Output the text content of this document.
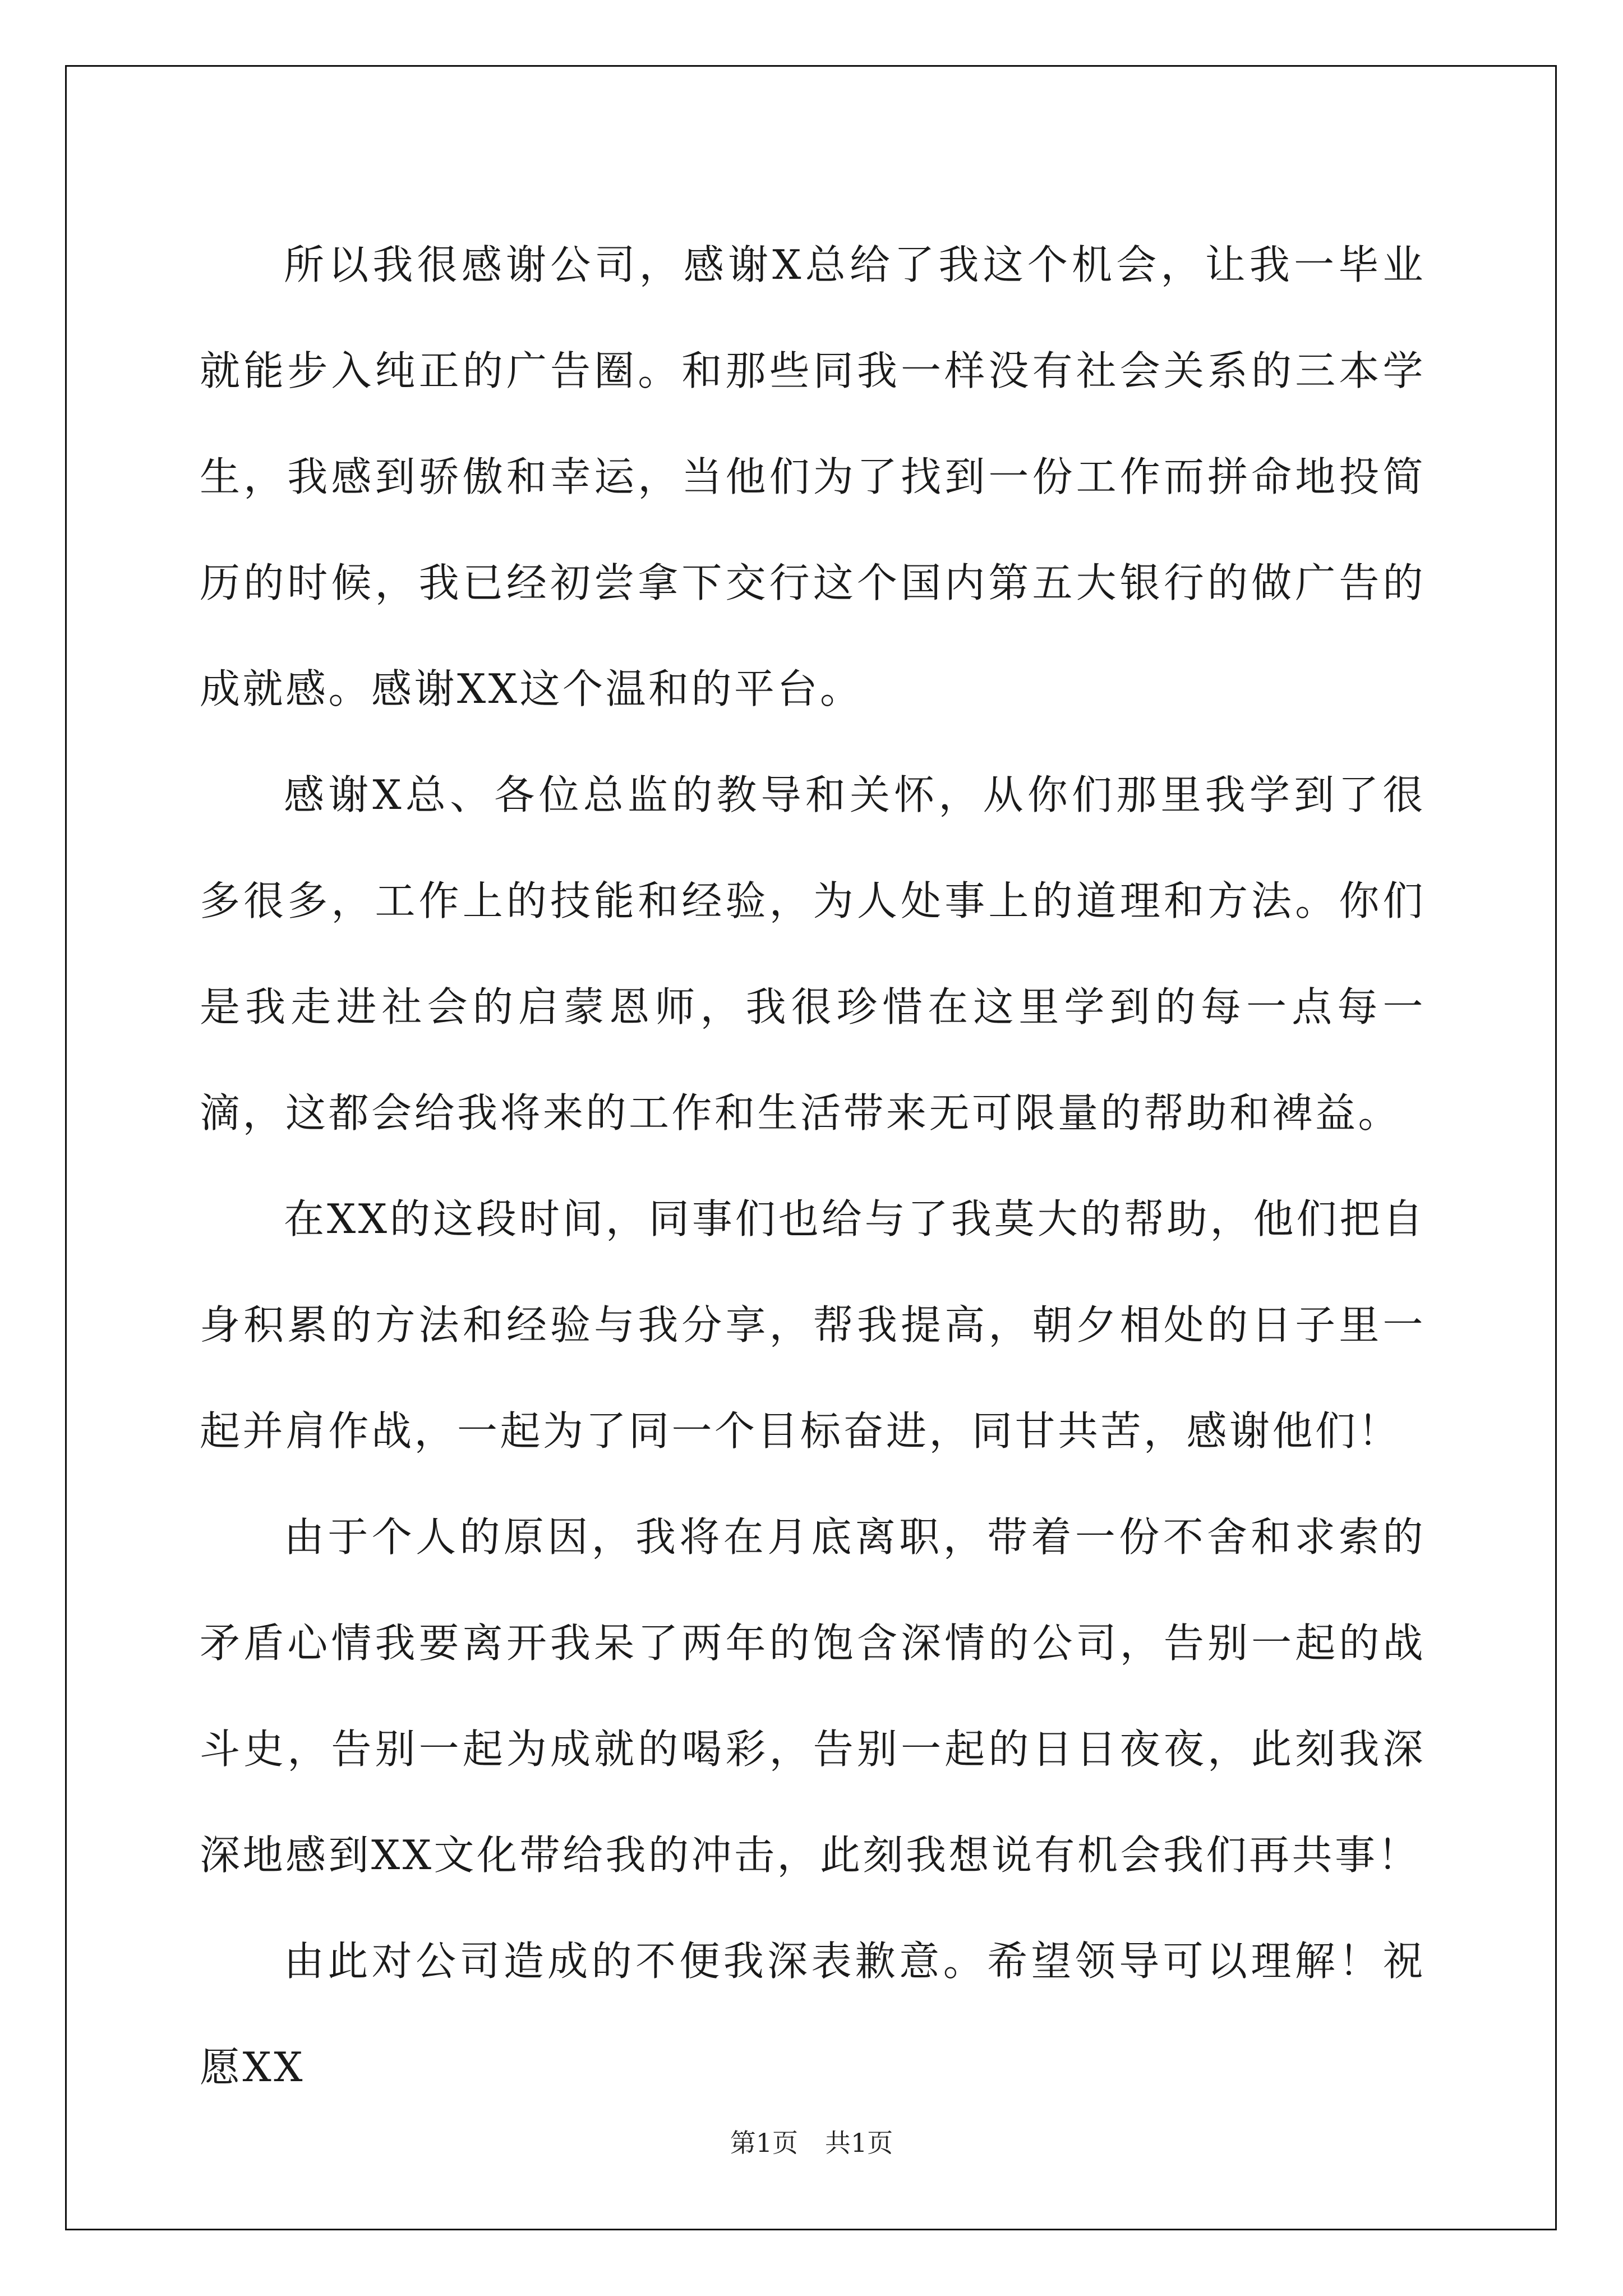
所以我很感谢公司，感谢X总给了我这个机会，让我一毕业就能步入纯正的广告圈。和那些同我一样没有社会关系的三本学生，我感到骄傲和幸运，当他们为了找到一份工作而拼命地投简历的时候，我已经初尝拿下交行这个国内第五大银行的做广告的成就感。感谢XX这个温和的平台。

感谢X总、各位总监的教导和关怀，从你们那里我学到了很多很多，工作上的技能和经验，为人处事上的道理和方法。你们是我走进社会的启蒙恩师，我很珍惜在这里学到的每一点每一滴，这都会给我将来的工作和生活带来无可限量的帮助和裨益。

在XX的这段时间，同事们也给与了我莫大的帮助，他们把自身积累的方法和经验与我分享，帮我提高，朝夕相处的日子里一起并肩作战，一起为了同一个目标奋进，同甘共苦，感谢他们！

由于个人的原因，我将在月底离职，带着一份不舍和求索的矛盾心情我要离开我呆了两年的饱含深情的公司，告别一起的战斗史，告别一起为成就的喝彩，告别一起的日日夜夜，此刻我深深地感到XX文化带给我的冲击，此刻我想说有机会我们再共事！

由此对公司造成的不便我深表歉意。希望领导可以理解！祝愿XX

第1页 共1页
